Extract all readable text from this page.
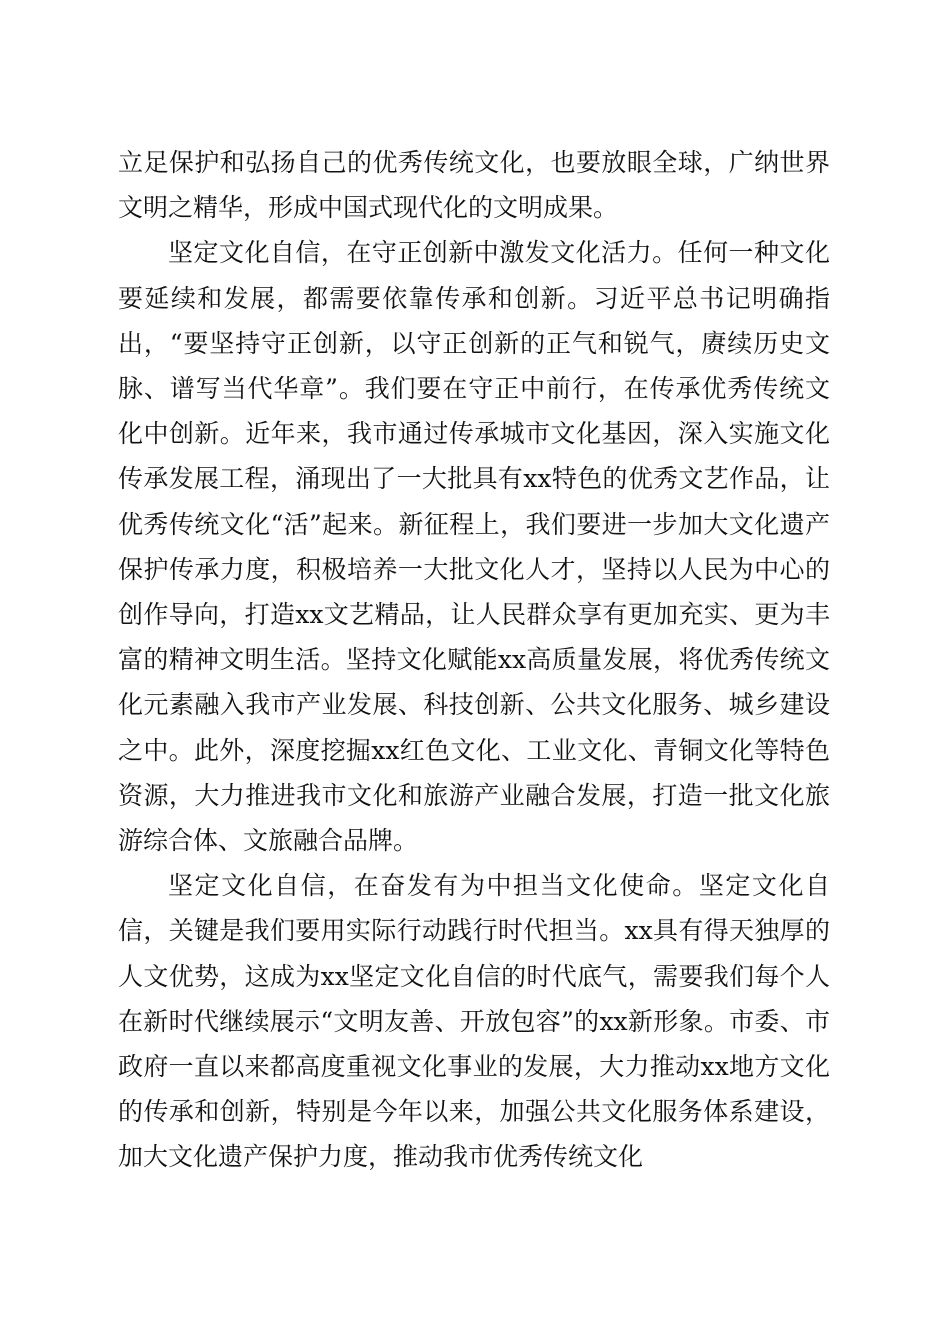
立足保护和弘扬自己的优秀传统文化，也要放眼全球，广纳世界文明之精华，形成中国式现代化的文明成果。

坚定文化自信，在守正创新中激发文化活力。任何一种文化要延续和发展，都需要依靠传承和创新。习近平总书记明确指出，“要坚持守正创新，以守正创新的正气和锐气，赓续历史文脉、谱写当代华章”。我们要在守正中前行，在传承优秀传统文化中创新。近年来，我市通过传承城市文化基因，深入实施文化传承发展工程，涌现出了一大批具有xx特色的优秀文艺作品，让优秀传统文化“活”起来。新征程上，我们要进一步加大文化遗产保护传承力度，积极培养一大批文化人才，坚持以人民为中心的创作导向，打造xx文艺精品，让人民群众享有更加充实、更为丰富的精神文明生活。坚持文化赋能xx高质量发展，将优秀传统文化元素融入我市产业发展、科技创新、公共文化服务、城乡建设之中。此外，深度挖掘xx红色文化、工业文化、青铜文化等特色资源，大力推进我市文化和旅游产业融合发展，打造一批文化旅游综合体、文旅融合品牌。

坚定文化自信，在奋发有为中担当文化使命。坚定文化自信，关键是我们要用实际行动践行时代担当。xx具有得天独厚的人文优势，这成为xx坚定文化自信的时代底气，需要我们每个人在新时代继续展示“文明友善、开放包容”的xx新形象。市委、市政府一直以来都高度重视文化事业的发展，大力推动xx地方文化的传承和创新，特别是今年以来，加强公共文化服务体系建设，加大文化遗产保护力度，推动我市优秀传统文化
